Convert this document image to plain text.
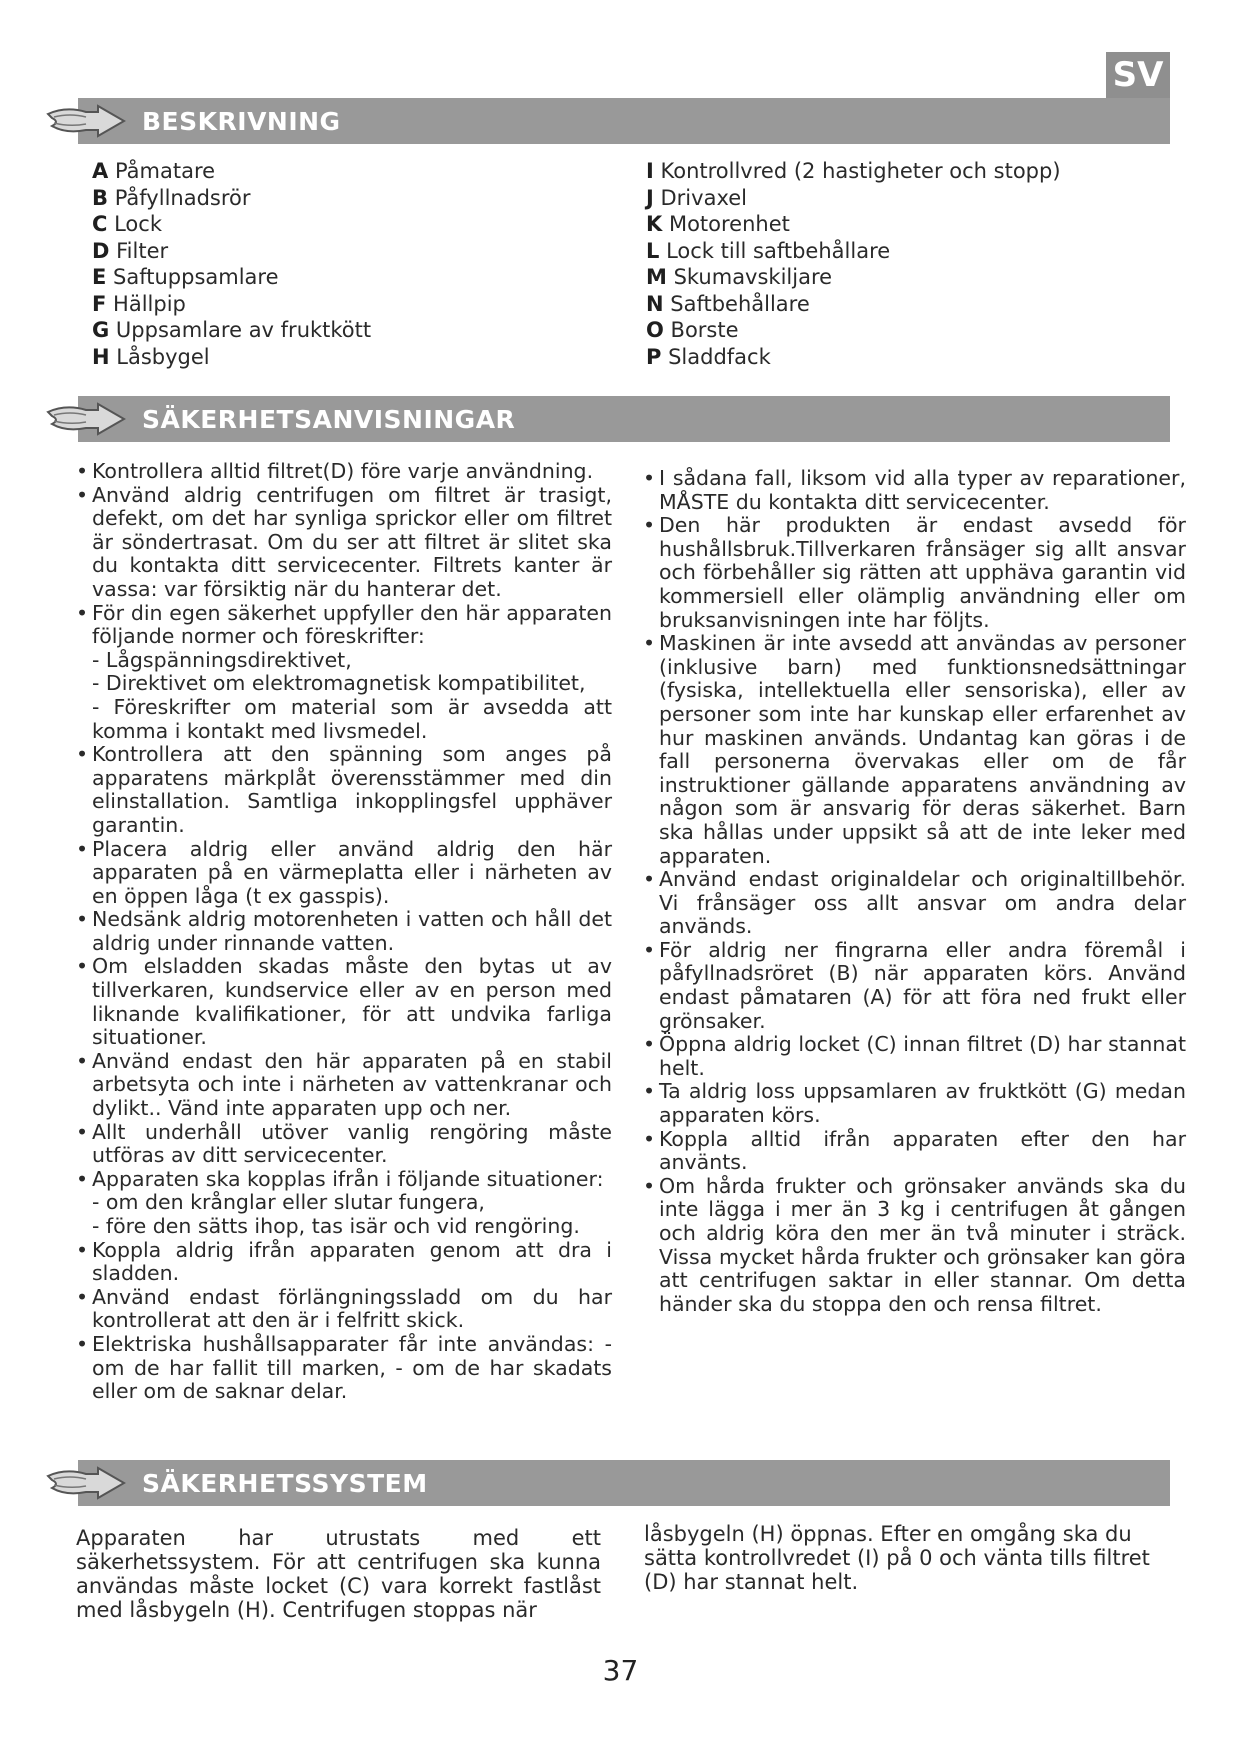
SV
BESKRIVNING
A Påmatare
B Påfyllnadsrör
C Lock
D Filter
E Saftuppsamlare
F Hällpip
G Uppsamlare av fruktkött
H Låsbygel
I Kontrollvred (2 hastigheter och stopp)
J Drivaxel
K Motorenhet
L Lock till saftbehållare
M Skumavskiljare
N Saftbehållare
O Borste
P Sladdfack
SÄKERHETSANVISNINGAR
• Kontrollera alltid filtret(D) före varje användning.
• Använd aldrig centrifugen om filtret är trasigt, defekt, om det har synliga sprickor eller om filtret är söndertrasat. Om du ser att filtret är slitet ska du kontakta ditt servicecenter. Filtrets kanter är vassa: var försiktig när du hanterar det.
• För din egen säkerhet uppfyller den här apparaten följande normer och föreskrifter:
- Lågspänningsdirektivet,
- Direktivet om elektromagnetisk kompatibilitet,
- Föreskrifter om material som är avsedda att komma i kontakt med livsmedel.
• Kontrollera att den spänning som anges på apparatens märkplåt överensstämmer med din elinstallation. Samtliga inkopplingsfel upphäver garantin.
• Placera aldrig eller använd aldrig den här apparaten på en värmeplatta eller i närheten av en öppen låga (t ex gasspis).
• Nedsänk aldrig motorenheten i vatten och håll det aldrig under rinnande vatten.
• Om elsladden skadas måste den bytas ut av tillverkaren, kundservice eller av en person med liknande kvalifikationer, för att undvika farliga situationer.
• Använd endast den här apparaten på en stabil arbetsyta och inte i närheten av vattenkranar och dylikt.. Vänd inte apparaten upp och ner.
• Allt underhåll utöver vanlig rengöring måste utföras av ditt servicecenter.
• Apparaten ska kopplas ifrån i följande situationer:
- om den krånglar eller slutar fungera,
- före den sätts ihop, tas isär och vid rengöring.
• Koppla aldrig ifrån apparaten genom att dra i sladden.
• Använd endast förlängningssladd om du har kontrollerat att den är i felfritt skick.
• Elektriska hushållsapparater får inte användas: - om de har fallit till marken, - om de har skadats eller om de saknar delar.
• I sådana fall, liksom vid alla typer av reparationer, MÅSTE du kontakta ditt servicecenter.
• Den här produkten är endast avsedd för hushållsbruk.Tillverkaren frånsäger sig allt ansvar och förbehåller sig rätten att upphäva garantin vid kommersiell eller olämplig användning eller om bruksanvisningen inte har följts.
• Maskinen är inte avsedd att användas av personer (inklusive barn) med funktionsnedsättningar (fysiska, intellektuella eller sensoriska), eller av personer som inte har kunskap eller erfarenhet av hur maskinen används. Undantag kan göras i de fall personerna övervakas eller om de får instruktioner gällande apparatens användning av någon som är ansvarig för deras säkerhet. Barn ska hållas under uppsikt så att de inte leker med apparaten.
• Använd endast originaldelar och originaltillbehör. Vi frånsäger oss allt ansvar om andra delar används.
• För aldrig ner fingrarna eller andra föremål i påfyllnadsröret (B) när apparaten körs. Använd endast påmataren (A) för att föra ned frukt eller grönsaker.
• Öppna aldrig locket (C) innan filtret (D) har stannat helt.
• Ta aldrig loss uppsamlaren av fruktkött (G) medan apparaten körs.
• Koppla alltid ifrån apparaten efter den har använts.
• Om hårda frukter och grönsaker används ska du inte lägga i mer än 3 kg i centrifugen åt gången och aldrig köra den mer än två minuter i sträck. Vissa mycket hårda frukter och grönsaker kan göra att centrifugen saktar in eller stannar. Om detta händer ska du stoppa den och rensa filtret.
SÄKERHETSSYSTEM

Apparaten har utrustats med ett säkerhetssystem. För att centrifugen ska kunna användas måste locket (C) vara korrekt fastlåst med låsbygeln (H). Centrifugen stoppas när

låsbygeln (H) öppnas. Efter en omgång ska du sätta kontrollvredet (I) på 0 och vänta tills filtret (D) har stannat helt.

37
